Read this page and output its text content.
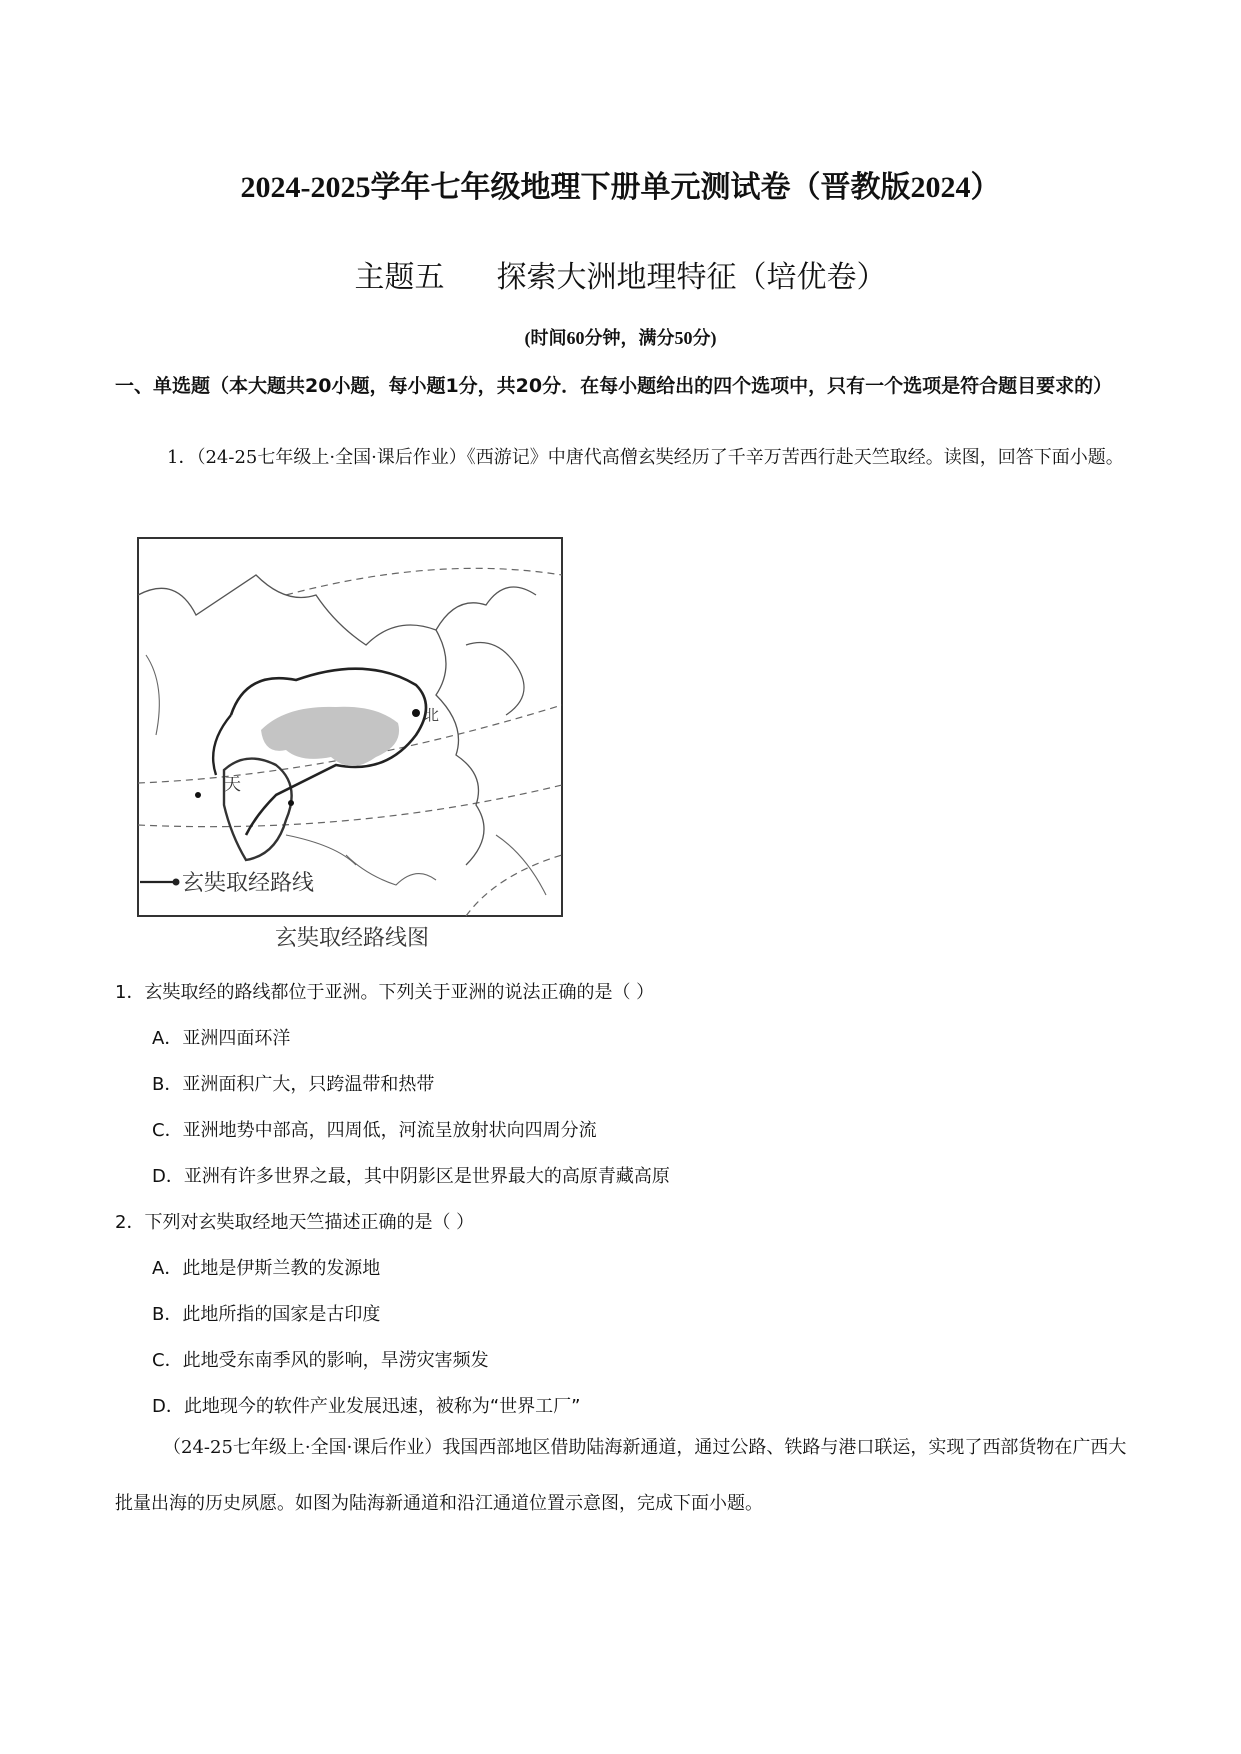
2024-2025学年七年级地理下册单元测试卷（晋教版2024）
主题五 探索大洲地理特征（培优卷）
(时间60分钟，满分50分)
一、单选题（本大题共20小题，每小题1分，共20分．在每小题给出的四个选项中，只有一个选项是符合题目要求的）
1．（24-25七年级上·全国·课后作业）《西游记》中唐代高僧玄奘经历了千辛万苦西行赴天竺取经。读图，回答下面小题。
天
北
玄奘取经路线
玄奘取经路线图
1．玄奘取经的路线都位于亚洲。下列关于亚洲的说法正确的是（ ）
A．亚洲四面环洋
B．亚洲面积广大，只跨温带和热带
C．亚洲地势中部高，四周低，河流呈放射状向四周分流
D．亚洲有许多世界之最，其中阴影区是世界最大的高原青藏高原
2．下列对玄奘取经地天竺描述正确的是（ ）
A．此地是伊斯兰教的发源地
B．此地所指的国家是古印度
C．此地受东南季风的影响，旱涝灾害频发
D．此地现今的软件产业发展迅速，被称为“世界工厂”
（24-25七年级上·全国·课后作业）我国西部地区借助陆海新通道，通过公路、铁路与港口联运，实现了西部货物在广西大批量出海的历史夙愿。如图为陆海新通道和沿江通道位置示意图，完成下面小题。
